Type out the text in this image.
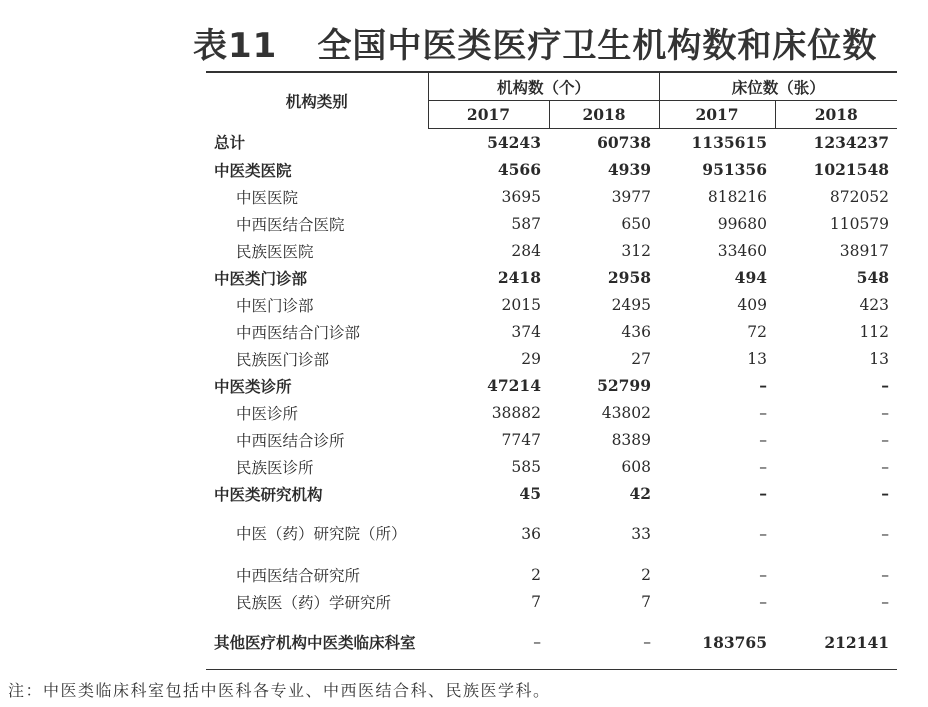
表11 全国中医类医疗卫生机构数和床位数
机构类别	机构数（个）		床位数（张）	
	2017	2018	2017	2018
总计	54243	60738	1135615	1234237
中医类医院	4566	4939	951356	1021548
中医医院	3695	3977	818216	872052
中西医结合医院	587	650	99680	110579
民族医医院	284	312	33460	38917
中医类门诊部	2418	2958	494	548
中医门诊部	2015	2495	409	423
中西医结合门诊部	374	436	72	112
民族医门诊部	29	27	13	13
中医类诊所	47214	52799	–	–
中医诊所	38882	43802	–	–
中西医结合诊所	7747	8389	–	–
民族医诊所	585	608	–	–
中医类研究机构	45	42	–	–
中医（药）研究院（所）	36	33	–	–
中西医结合研究所	2	2	–	–
民族医（药）学研究所	7	7	–	–
其他医疗机构中医类临床科室	–	–	183765	212141
注：中医类临床科室包括中医科各专业、中西医结合科、民族医学科。
